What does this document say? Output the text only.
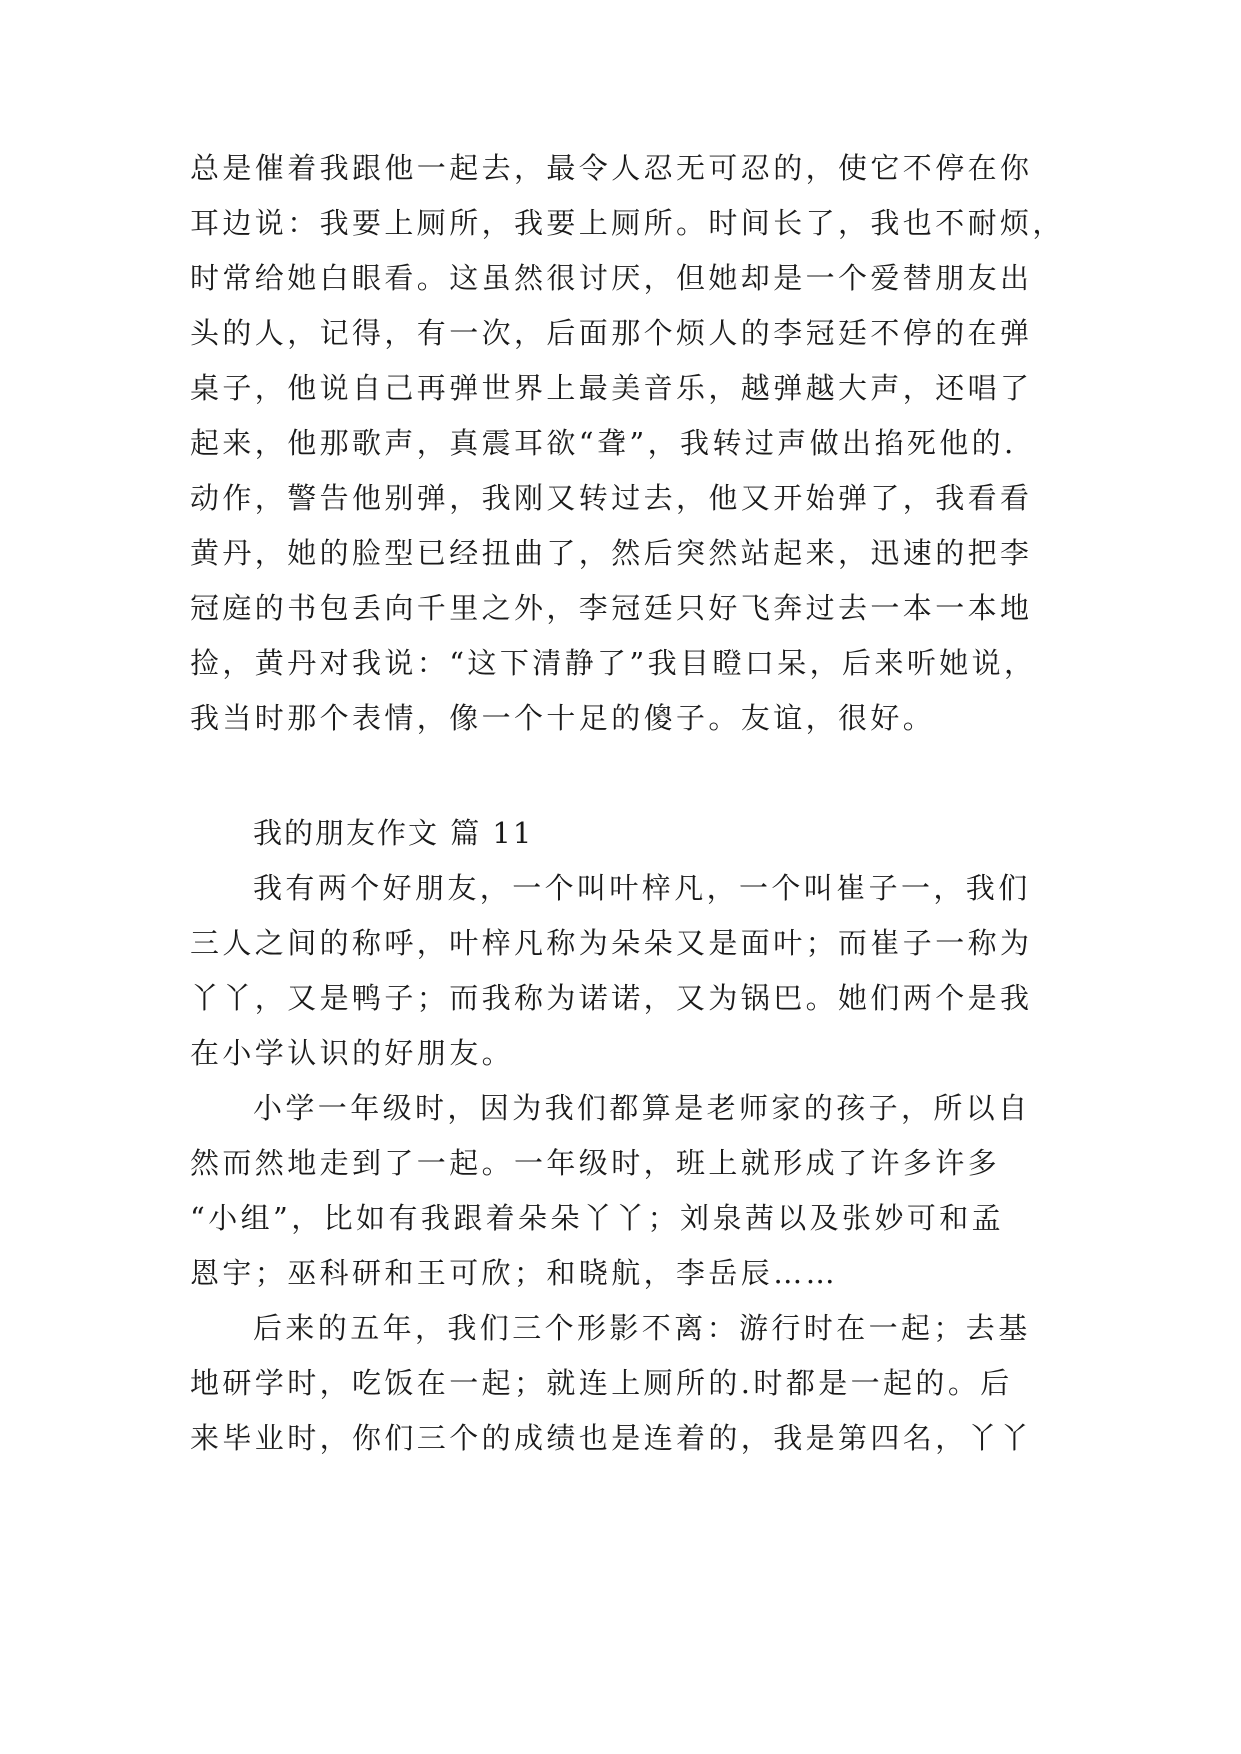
总是催着我跟他一起去，最令人忍无可忍的，使它不停在你
耳边说：我要上厕所，我要上厕所。时间长了，我也不耐烦，
时常给她白眼看。这虽然很讨厌，但她却是一个爱替朋友出
头的人，记得，有一次，后面那个烦人的李冠廷不停的在弹
桌子，他说自己再弹世界上最美音乐，越弹越大声，还唱了
起来，他那歌声，真震耳欲“聋”，我转过声做出掐死他的.
动作，警告他别弹，我刚又转过去，他又开始弹了，我看看
黄丹，她的脸型已经扭曲了，然后突然站起来，迅速的把李
冠庭的书包丢向千里之外，李冠廷只好飞奔过去一本一本地
捡，黄丹对我说：“这下清静了”我目瞪口呆，后来听她说，
我当时那个表情，像一个十足的傻子。友谊，很好。
我的朋友作文 篇 11
我有两个好朋友，一个叫叶梓凡，一个叫崔子一，我们
三人之间的称呼，叶梓凡称为朵朵又是面叶；而崔子一称为
丫丫，又是鸭子；而我称为诺诺，又为锅巴。她们两个是我
在小学认识的好朋友。
小学一年级时，因为我们都算是老师家的孩子，所以自
然而然地走到了一起。一年级时，班上就形成了许多许多
“小组”，比如有我跟着朵朵丫丫；刘泉茜以及张妙可和孟
恩宇；巫科研和王可欣；和晓航，李岳辰……
后来的五年，我们三个形影不离：游行时在一起；去基
地研学时，吃饭在一起；就连上厕所的.时都是一起的。后
来毕业时，你们三个的成绩也是连着的，我是第四名，丫丫
